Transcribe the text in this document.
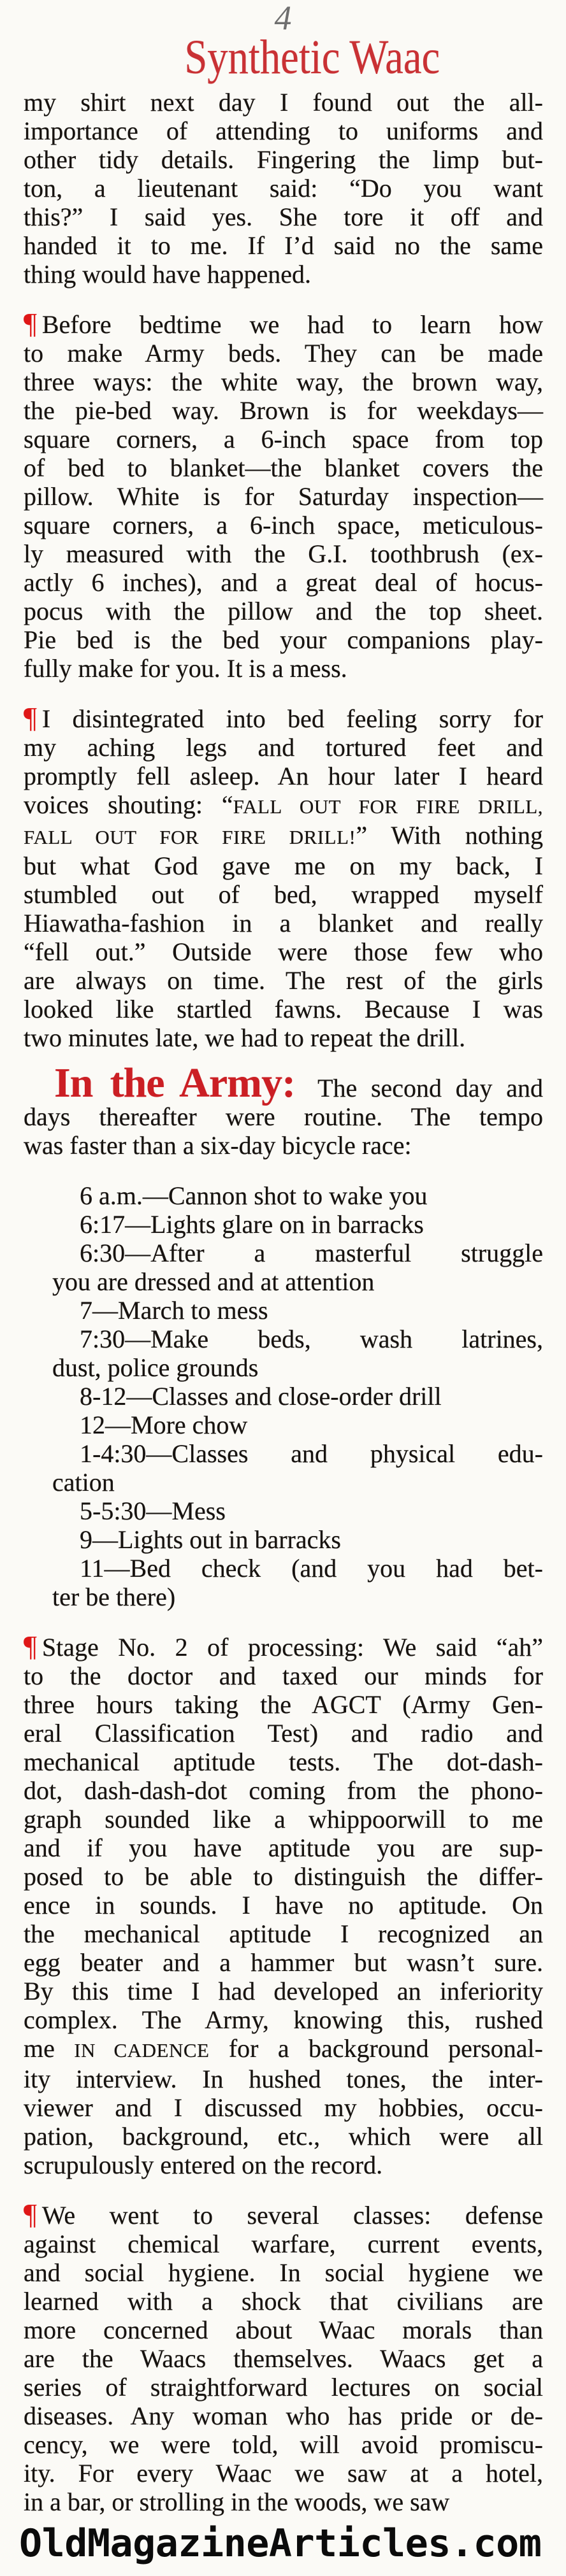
4
Synthetic Waac
my shirt next day I found out the all-
importance of attending to uniforms and
other tidy details. Fingering the limp but-
ton, a lieutenant said: “Do you want
this?” I said yes. She tore it off and
handed it to me. If I’d said no the same
thing would have happened.
¶ Before bedtime we had to learn how
to make Army beds. They can be made
three ways: the white way, the brown way,
the pie-bed way. Brown is for weekdays—
square corners, a 6-inch space from top
of bed to blanket—the blanket covers the
pillow. White is for Saturday inspection—
square corners, a 6-inch space, meticulous-
ly measured with the G.I. toothbrush (ex-
actly 6 inches), and a great deal of hocus-
pocus with the pillow and the top sheet.
Pie bed is the bed your companions play-
fully make for you. It is a mess.
¶ I disintegrated into bed feeling sorry for
my aching legs and tortured feet and
promptly fell asleep. An hour later I heard
voices shouting: “FALL OUT FOR FIRE DRILL,
FALL OUT FOR FIRE DRILL!” With nothing
but what God gave me on my back, I
stumbled out of bed, wrapped myself
Hiawatha-fashion in a blanket and really
“fell out.” Outside were those few who
are always on time. The rest of the girls
looked like startled fawns. Because I was
two minutes late, we had to repeat the drill.
In the Army: The second day and
days thereafter were routine. The tempo
was faster than a six-day bicycle race:
6 a.m.—Cannon shot to wake you
6:17—Lights glare on in barracks
6:30—After a masterful struggle
you are dressed and at attention
7—March to mess
7:30—Make beds, wash latrines,
dust, police grounds
8-12—Classes and close-order drill
12—More chow
1-4:30—Classes and physical edu-
cation
5-5:30—Mess
9—Lights out in barracks
11—Bed check (and you had bet-
ter be there)
¶ Stage No. 2 of processing: We said “ah”
to the doctor and taxed our minds for
three hours taking the AGCT (Army Gen-
eral Classification Test) and radio and
mechanical aptitude tests. The dot-dash-
dot, dash-dash-dot coming from the phono-
graph sounded like a whippoorwill to me
and if you have aptitude you are sup-
posed to be able to distinguish the differ-
ence in sounds. I have no aptitude. On
the mechanical aptitude I recognized an
egg beater and a hammer but wasn’t sure.
By this time I had developed an inferiority
complex. The Army, knowing this, rushed
me IN CADENCE for a background personal-
ity interview. In hushed tones, the inter-
viewer and I discussed my hobbies, occu-
pation, background, etc., which were all
scrupulously entered on the record.
¶ We went to several classes: defense
against chemical warfare, current events,
and social hygiene. In social hygiene we
learned with a shock that civilians are
more concerned about Waac morals than
are the Waacs themselves. Waacs get a
series of straightforward lectures on social
diseases. Any woman who has pride or de-
cency, we were told, will avoid promiscu-
ity. For every Waac we saw at a hotel,
in a bar, or strolling in the woods, we saw
OldMagazineArticles.com
